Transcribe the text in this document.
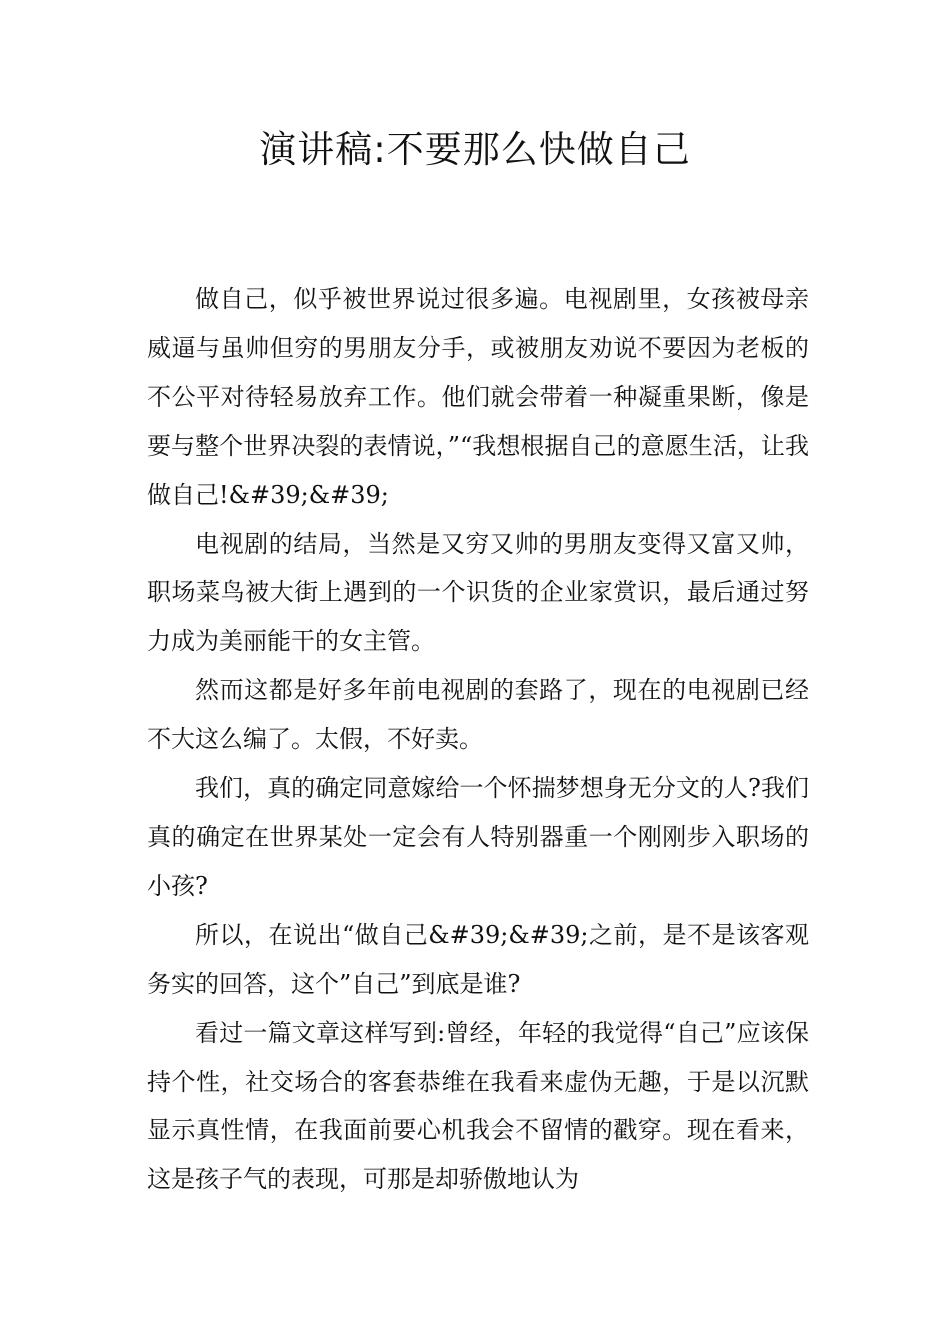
演讲稿:不要那么快做自己

做自己，似乎被世界说过很多遍。电视剧里，女孩被母亲威逼与虽帅但穷的男朋友分手，或被朋友劝说不要因为老板的不公平对待轻易放弃工作。他们就会带着一种凝重果断，像是要与整个世界决裂的表情说，”“我想根据自己的意愿生活，让我做自己!&#39;&#39;

电视剧的结局，当然是又穷又帅的男朋友变得又富又帅，职场菜鸟被大街上遇到的一个识货的企业家赏识，最后通过努力成为美丽能干的女主管。

然而这都是好多年前电视剧的套路了，现在的电视剧已经不大这么编了。太假，不好卖。

我们，真的确定同意嫁给一个怀揣梦想身无分文的人?我们真的确定在世界某处一定会有人特别器重一个刚刚步入职场的小孩?

所以，在说出“做自己&#39;&#39;之前，是不是该客观务实的回答，这个”自己”到底是谁?

看过一篇文章这样写到:曾经，年轻的我觉得“自己”应该保持个性，社交场合的客套恭维在我看来虚伪无趣，于是以沉默显示真性情，在我面前要心机我会不留情的戳穿。现在看来，这是孩子气的表现，可那是却骄傲地认为
